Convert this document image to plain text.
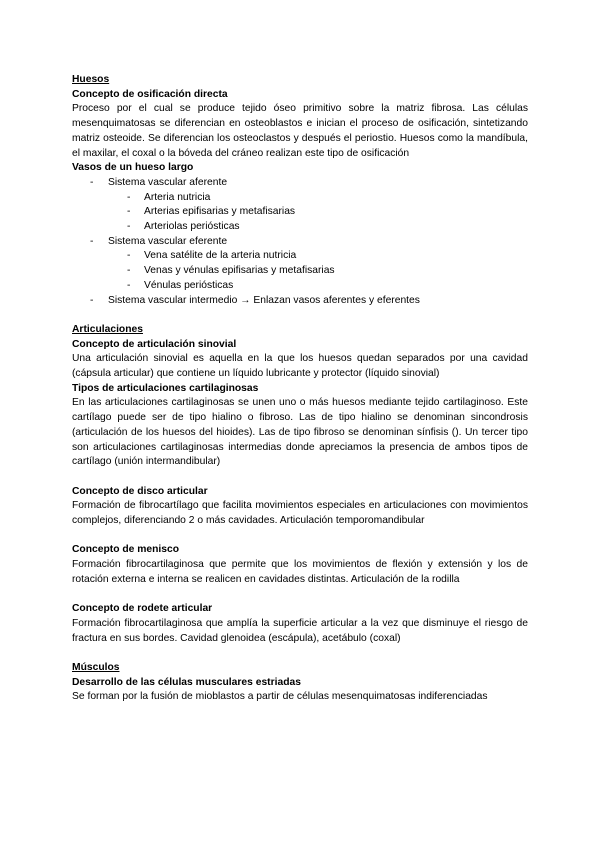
Huesos
Concepto de osificación directa
Proceso por el cual se produce tejido óseo primitivo sobre la matriz fibrosa. Las células mesenquimatosas se diferencian en osteoblastos e inician el proceso de osificación, sintetizando matriz osteoide. Se diferencian los osteoclastos y después el periostio. Huesos como la mandíbula, el maxilar, el coxal o la bóveda del cráneo realizan este tipo de osificación
Vasos de un hueso largo
- Sistema vascular aferente
- Arteria nutricia
- Arterias epifisarias y metafisarias
- Arteriolas periósticas
- Sistema vascular eferente
- Vena satélite de la arteria nutricia
- Venas y vénulas epifisarias y metafisarias
- Vénulas periósticas
- Sistema vascular intermedio → Enlazan vasos aferentes y eferentes
Articulaciones
Concepto de articulación sinovial
Una articulación sinovial es aquella en la que los huesos quedan separados por una cavidad (cápsula articular) que contiene un líquido lubricante y protector (líquido sinovial)
Tipos de articulaciones cartilaginosas
En las articulaciones cartilaginosas se unen uno o más huesos mediante tejido cartilaginoso. Este cartílago puede ser de tipo hialino o fibroso. Las de tipo hialino se denominan sincondrosis (articulación de los huesos del hioides). Las de tipo fibroso se denominan sínfisis (). Un tercer tipo son articulaciones cartilaginosas intermedias donde apreciamos la presencia de ambos tipos de cartílago (unión intermandibular)
Concepto de disco articular
Formación de fibrocartílago que facilita movimientos especiales en articulaciones con movimientos complejos, diferenciando 2 o más cavidades. Articulación temporomandibular
Concepto de menisco
Formación fibrocartilaginosa que permite que los movimientos de flexión y extensión y los de rotación externa e interna se realicen en cavidades distintas. Articulación de la rodilla
Concepto de rodete articular
Formación fibrocartilaginosa que amplía la superficie articular a la vez que disminuye el riesgo de fractura en sus bordes. Cavidad glenoidea (escápula), acetábulo (coxal)
Músculos
Desarrollo de las células musculares estriadas
Se forman por la fusión de mioblastos a partir de células mesenquimatosas indiferenciadas
